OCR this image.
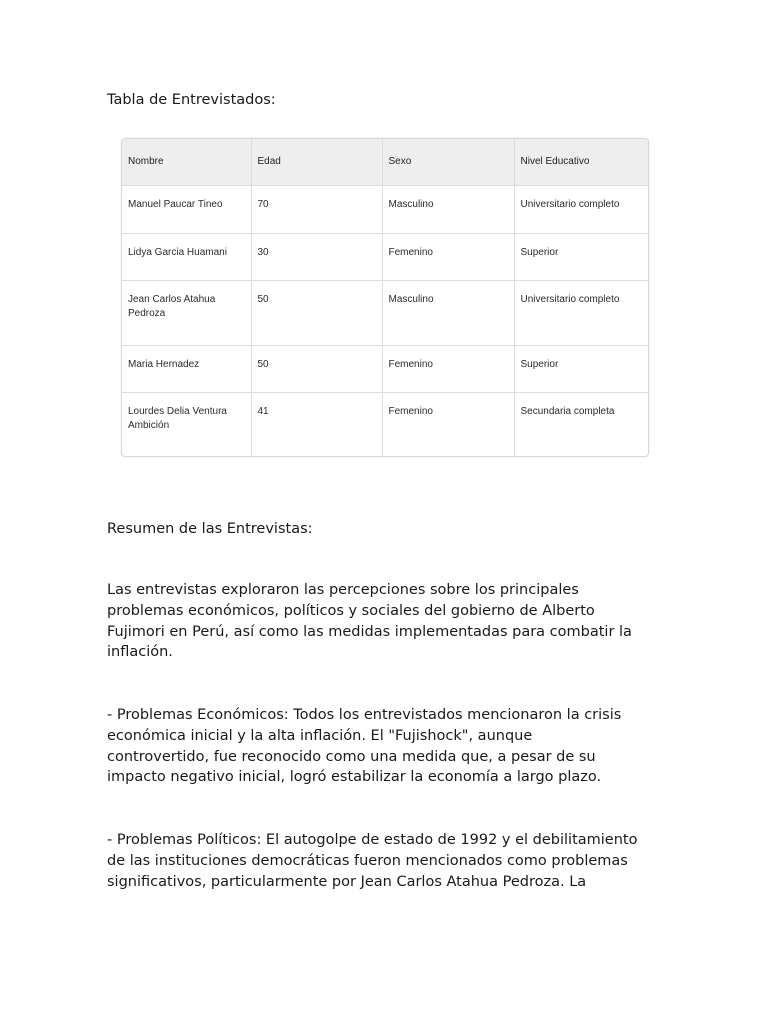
Tabla de Entrevistados:
Resumen de las Entrevistas:
Las entrevistas exploraron las percepciones sobre los principales
problemas económicos, políticos y sociales del gobierno de Alberto
Fujimori en Perú, así como las medidas implementadas para combatir la
inflación.
- Problemas Económicos: Todos los entrevistados mencionaron la crisis
económica inicial y la alta inflación. El "Fujishock", aunque
controvertido, fue reconocido como una medida que, a pesar de su
impacto negativo inicial, logró estabilizar la economía a largo plazo.
- Problemas Políticos: El autogolpe de estado de 1992 y el debilitamiento
de las instituciones democráticas fueron mencionados como problemas
significativos, particularmente por Jean Carlos Atahua Pedroza. La
Nombre	Edad	Sexo	Nivel Educativo
Manuel Paucar Tineo	70	Masculino	Universitario completo
Lidya Garcia Huamani	30	Femenino	Superior
Jean Carlos Atahua
Pedroza	50	Masculino	Universitario completo
Maria Hernadez	50	Femenino	Superior
Lourdes Delia Ventura
Ambición	41	Femenino	Secundaria completa
